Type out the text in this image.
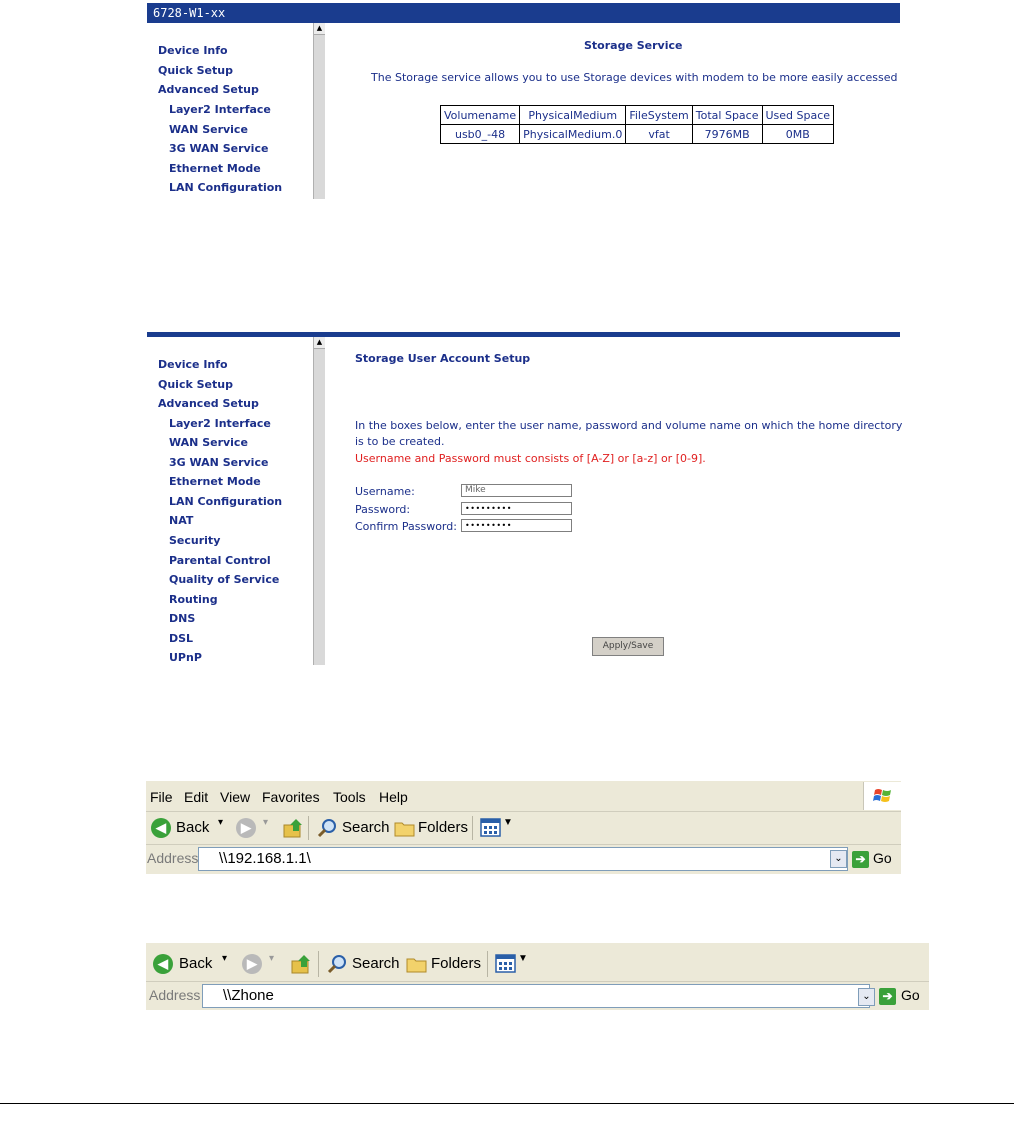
6728-W1-xx
Device Info
Quick Setup
Advanced Setup
Layer2 Interface
WAN Service
3G WAN Service
Ethernet Mode
LAN Configuration
▲
Storage Service
The Storage service allows you to use Storage devices with modem to be more easily accessed
Volumename	PhysicalMedium	FileSystem	Total Space	Used Space
usb0_-48	PhysicalMedium.0	vfat	7976MB	0MB
Device Info
Quick Setup
Advanced Setup
Layer2 Interface
WAN Service
3G WAN Service
Ethernet Mode
LAN Configuration
NAT
Security
Parental Control
Quality of Service
Routing
DNS
DSL
UPnP
▲
Storage User Account Setup
In the boxes below, enter the user name, password and volume name on which the home directory
is to be created.
Username and Password must consists of [A-Z] or [a-z] or [0-9].
Username:	Mike
Password:	•••••••••
Confirm Password:	•••••••••
Apply/Save
File Edit View Favorites Tools Help
◀ Back ▾	▶	▾	Search Folders	▼
Address	\\192.168.1.1\	⌄	➔ Go
◀ Back ▾	▶	▾	Search Folders	▼
Address	\\Zhone	⌄ ➔ Go
